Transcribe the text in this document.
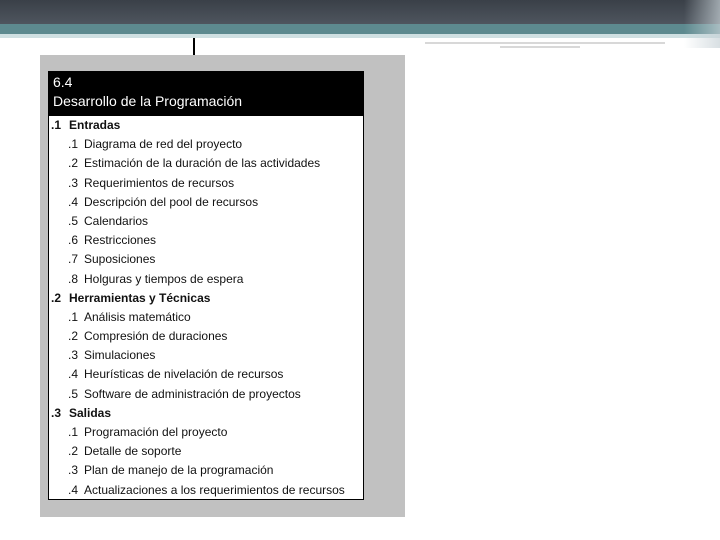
6.4
Desarrollo de la Programación
.1 Entradas
.1 Diagrama de red del proyecto
.2 Estimación de la duración de las actividades
.3 Requerimientos de recursos
.4 Descripción del pool de recursos
.5 Calendarios
.6 Restricciones
.7 Suposiciones
.8 Holguras y tiempos de espera
.2 Herramientas y Técnicas
.1 Análisis matemático
.2 Compresión de duraciones
.3 Simulaciones
.4 Heurísticas de nivelación de recursos
.5 Software de administración de proyectos
.3 Salidas
.1 Programación del proyecto
.2 Detalle de soporte
.3 Plan de manejo de la programación
.4 Actualizaciones a los requerimientos de recursos
